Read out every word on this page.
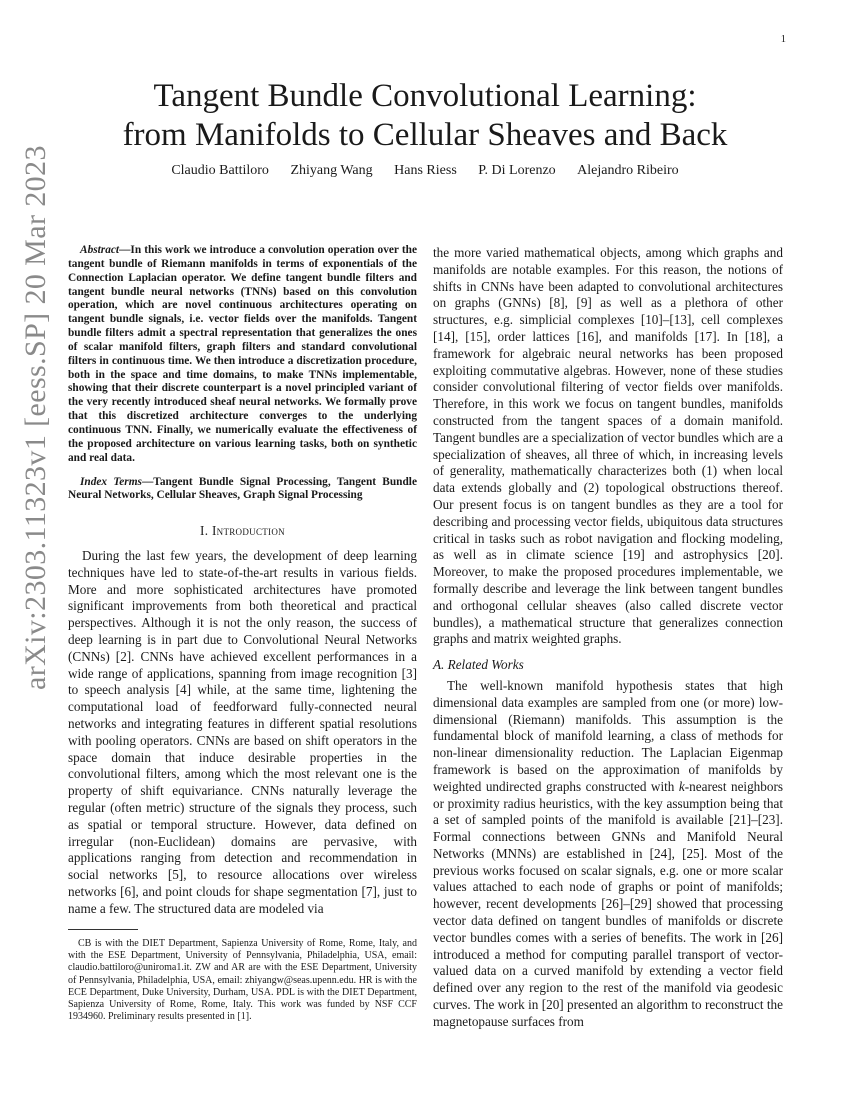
1
arXiv:2303.11323v1 [eess.SP] 20 Mar 2023
Tangent Bundle Convolutional Learning:
from Manifolds to Cellular Sheaves and Back
Claudio Battiloro Zhiyang Wang Hans Riess P. Di Lorenzo Alejandro Ribeiro

Abstract—In this work we introduce a convolution operation over the tangent bundle of Riemann manifolds in terms of exponentials of the Connection Laplacian operator. We define tangent bundle filters and tangent bundle neural networks (TNNs) based on this convolution operation, which are novel continuous architectures operating on tangent bundle signals, i.e. vector fields over the manifolds. Tangent bundle filters admit a spectral representation that generalizes the ones of scalar manifold filters, graph filters and standard convolutional filters in continuous time. We then introduce a discretization procedure, both in the space and time domains, to make TNNs implementable, showing that their discrete counterpart is a novel principled variant of the very recently introduced sheaf neural networks. We formally prove that this discretized architecture converges to the underlying continuous TNN. Finally, we numerically evaluate the effectiveness of the proposed architecture on various learning tasks, both on synthetic and real data.

Index Terms—Tangent Bundle Signal Processing, Tangent Bundle Neural Networks, Cellular Sheaves, Graph Signal Processing

I. Introduction

During the last few years, the development of deep learning techniques have led to state-of-the-art results in various fields. More and more sophisticated architectures have promoted significant improvements from both theoretical and practical perspectives. Although it is not the only reason, the success of deep learning is in part due to Convolutional Neural Networks (CNNs) [2]. CNNs have achieved excellent performances in a wide range of applications, spanning from image recognition [3] to speech analysis [4] while, at the same time, lightening the computational load of feedforward fully-connected neural networks and integrating features in different spatial resolutions with pooling operators. CNNs are based on shift operators in the space domain that induce desirable properties in the convolutional filters, among which the most relevant one is the property of shift equivariance. CNNs naturally leverage the regular (often metric) structure of the signals they process, such as spatial or temporal structure. However, data defined on irregular (non-Euclidean) domains are pervasive, with applications ranging from detection and recommendation in social networks [5], to resource allocations over wireless networks [6], and point clouds for shape segmentation [7], just to name a few. The structured data are modeled via

the more varied mathematical objects, among which graphs and manifolds are notable examples. For this reason, the notions of shifts in CNNs have been adapted to convolutional architectures on graphs (GNNs) [8], [9] as well as a plethora of other structures, e.g. simplicial complexes [10]–[13], cell complexes [14], [15], order lattices [16], and manifolds [17]. In [18], a framework for algebraic neural networks has been proposed exploiting commutative algebras. However, none of these studies consider convolutional filtering of vector fields over manifolds. Therefore, in this work we focus on tangent bundles, manifolds constructed from the tangent spaces of a domain manifold. Tangent bundles are a specialization of vector bundles which are a specialization of sheaves, all three of which, in increasing levels of generality, mathematically characterizes both (1) when local data extends globally and (2) topological obstructions thereof. Our present focus is on tangent bundles as they are a tool for describing and processing vector fields, ubiquitous data structures critical in tasks such as robot navigation and flocking modeling, as well as in climate science [19] and astrophysics [20]. Moreover, to make the proposed procedures implementable, we formally describe and leverage the link between tangent bundles and orthogonal cellular sheaves (also called discrete vector bundles), a mathematical structure that generalizes connection graphs and matrix weighted graphs.

A. Related Works

The well-known manifold hypothesis states that high dimensional data examples are sampled from one (or more) low-dimensional (Riemann) manifolds. This assumption is the fundamental block of manifold learning, a class of methods for non-linear dimensionality reduction. The Laplacian Eigenmap framework is based on the approximation of manifolds by weighted undirected graphs constructed with k-nearest neighbors or proximity radius heuristics, with the key assumption being that a set of sampled points of the manifold is available [21]–[23]. Formal connections between GNNs and Manifold Neural Networks (MNNs) are established in [24], [25]. Most of the previous works focused on scalar signals, e.g. one or more scalar values attached to each node of graphs or point of manifolds; however, recent developments [26]–[29] showed that processing vector data defined on tangent bundles of manifolds or discrete vector bundles comes with a series of benefits. The work in [26] introduced a method for computing parallel transport of vector-valued data on a curved manifold by extending a vector field defined over any region to the rest of the manifold via geodesic curves. The work in [20] presented an algorithm to reconstruct the magnetopause surfaces from

CB is with the DIET Department, Sapienza University of Rome, Rome, Italy, and with the ESE Department, University of Pennsylvania, Philadelphia, USA, email: claudio.battiloro@uniroma1.it. ZW and AR are with the ESE Department, University of Pennsylvania, Philadelphia, USA, email: zhiyangw@seas.upenn.edu. HR is with the ECE Department, Duke University, Durham, USA. PDL is with the DIET Department, Sapienza University of Rome, Rome, Italy. This work was funded by NSF CCF 1934960. Preliminary results presented in [1].
